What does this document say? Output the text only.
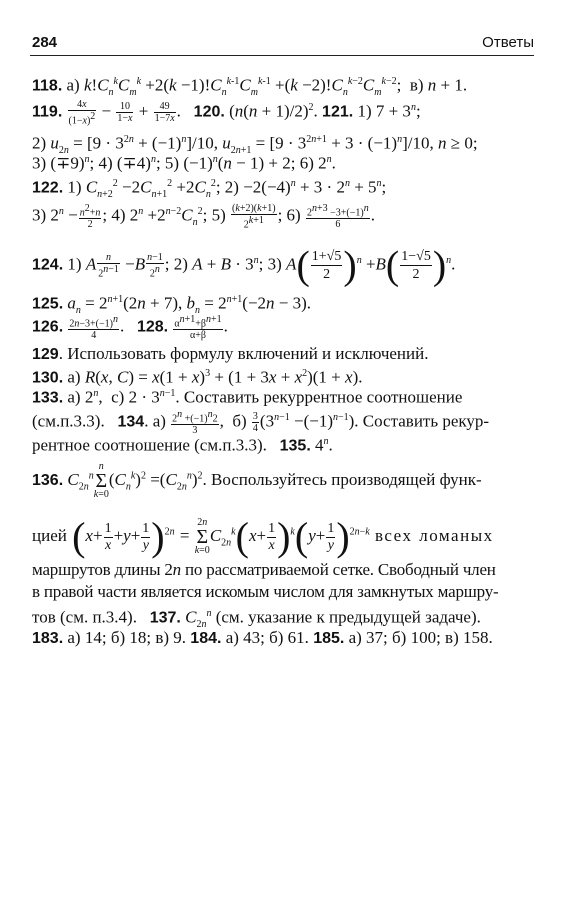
284	Ответы
118. а) $k!C_n^kC_m^k +2(k -1)!C_n^{k-1}C_m^{k-1} +(k -2)!C_n^{k-2}C_m^{k-2}$;  в) n + 1.
119. $\frac{4x}{(1-x)^2} - \frac{10}{1-x} + \frac{49}{1-7x}$ .   120. $(n(n + 1)/2)^2$. 121. 1) $7 + 3^n$;
2) $u_{2n} = [9 \cdot 3^{2n} + (-1)^n]/10$, $u_{2n+1} = [9 \cdot 3^{2n+1} + 3 \cdot (-1)^n]/10$, n ≥ 0;
3) $(\mp 9)^n$; 4) $(\mp 4)^n$; 5) $(-1)^n(n - 1) + 2$; 6) 2$^n$.
122. 1) $C_{n+2}^2 -2C_{n+1}^2 +2C_n^2$; $2) -2(-4)^n + 3 \cdot 2^n + 5^n$;
3) $2^n - \frac{n^2+n}{2}$ ; 4) $2^n +2^{n-2}C_n^2$; $5) \frac{(k+2)(k+1)}{2^{k+1}}$ ; $6) \frac{2^{n+3} -3+(-1)^n}{6}$ .
124. 1) A $\frac{n}{2^{n-1}} -B \frac{n-1}{2^n}$ ; 2) $A + B \cdot 3^n$; 3) $A( \frac{1+√5}{2} )^n +B( \frac{1-√5}{2} )^n$.
125. $a_n = 2^{n+1}(2n + 7)$, $b_n = 2^{n+1}(-2n - 3)$.
126. $\frac{2n-3+(-1)^n}{4}$ .   128. $\frac{\alpha^{n+1}+\beta^{n+1}}{\alpha+\beta}$ .
129. Использовать формулу включений и исключений.
130. а) R(x, $C) = x(1 + x)^3 + (1 + 3x + x^2)(1 + x)$.
133. а) 2$^n$,  с) $2 \cdot 3^{n-1}$. Составить рекуррентное соотношение
(см.п.3.3). 134. $а) \frac{2^n +(-1)^n2}{3}$ ,  $б) \frac{3}{4} (3^{n-1} -(-1)^{n-1})$. Составить рекур-
рентное соотношение (см.п.3.3). 135. 4$^n$.
136. $C_{2n}^nn$
Σ
$k=0(C_n^k)^2 =(C_{2n}^n)^2$. Воспользуйтесь производящей функ-
цией $(x+ \frac{1}{x} +y+ \frac{1}{y} )^{2n} = 2n$
Σ
$k=0C_{2n}^k(x+ \frac{1}{x} )^k(y+ \frac{1}{y} )^{2n-k}$ всех ломаных
маршрутов длины 2n по рассматриваемой сетке. Свободный член
в правой части является искомым числом для замкнутых маршру-
тов (см. п.3.4). 137. $C_{2n}^n$ (см. указание к предыдущей задаче).
183. а) 14; б) 18; в) 9. 184. а) 43; б) 61. 185. а) 37; б) 100; в) 158.
